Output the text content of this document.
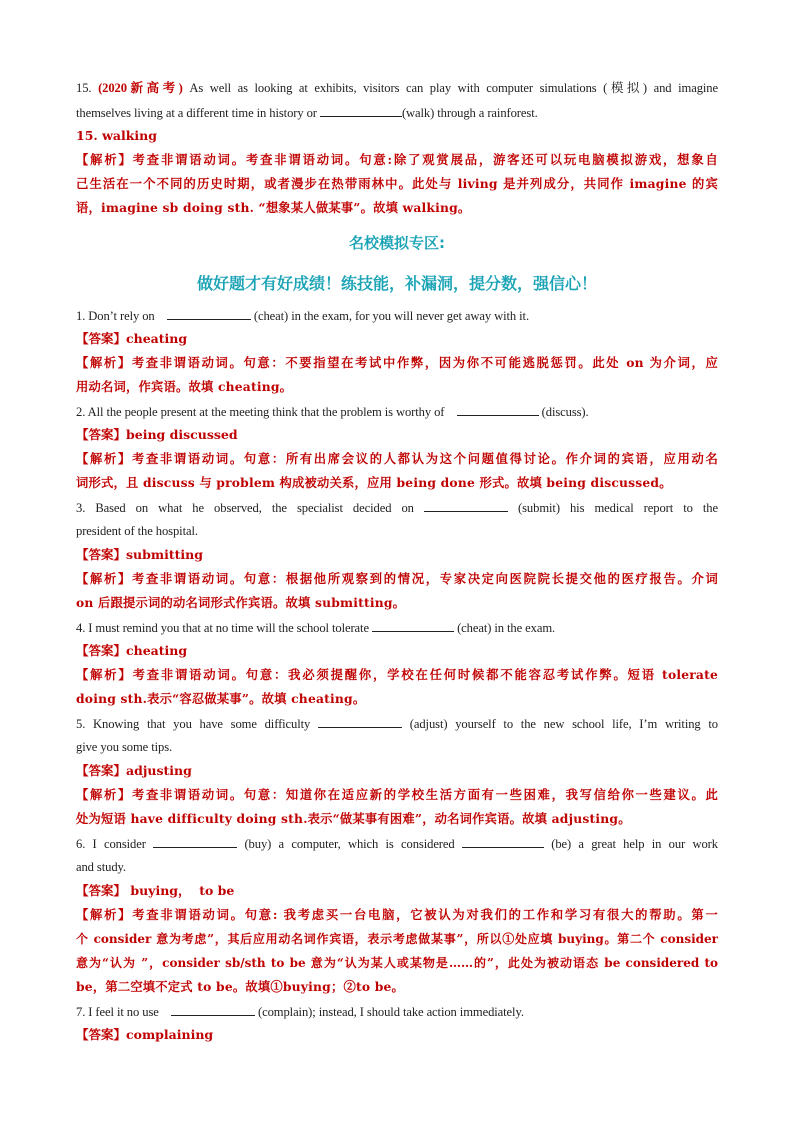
15. (2020新高考) As well as looking at exhibits, visitors can play with computer simulations (模拟) and imagine
themselves living at a different time in history or	(walk) through a rainforest.
15. walking
【解析】考查非谓语动词。考查非谓语动词。句意:除了观赏展品，游客还可以玩电脑模拟游戏，想象自
己生活在一个不同的历史时期，或者漫步在热带雨林中。此处与 living 是并列成分，共同作 imagine 的宾
语，imagine sb doing sth. “想象某人做某事”。故填 walking。
名校模拟专区:
做好题才有好成绩！练技能，补漏洞，提分数，强信心！
1. Don’t rely on	(cheat) in the exam, for you will never get away with it.
【答案】cheating
【解析】考查非谓语动词。句意：不要指望在考试中作弊，因为你不可能逃脱惩罚。此处 on 为介词，应
用动名词，作宾语。故填 cheating。
2. All the people present at the meeting think that the problem is worthy of	(discuss).
【答案】being discussed
【解析】考查非谓语动词。句意：所有出席会议的人都认为这个问题值得讨论。作介词的宾语，应用动名
词形式，且 discuss 与 problem 构成被动关系，应用 being done 形式。故填 being discussed。
3. Based on what he observed, the specialist decided on	(submit) his medical report to the
president of the hospital.
【答案】submitting
【解析】考查非谓语动词。句意：根据他所观察到的情况，专家决定向医院院长提交他的医疗报告。介词
on 后跟提示词的动名词形式作宾语。故填 submitting。
4. I must remind you that at no time will the school tolerate	(cheat) in the exam.
【答案】cheating
【解析】考查非谓语动词。句意：我必须提醒你，学校在任何时候都不能容忍考试作弊。短语 tolerate
doing sth.表示“容忍做某事”。故填 cheating。
5. Knowing that you have some difficulty	(adjust) yourself to the new school life, I’m writing to
give you some tips.
【答案】adjusting
【解析】考查非谓语动词。句意：知道你在适应新的学校生活方面有一些困难，我写信给你一些建议。此
处为短语 have difficulty doing sth.表示“做某事有困难”，动名词作宾语。故填 adjusting。
6. I consider	(buy) a computer, which is considered	(be) a great help in our work
and study.
【答案】 buying，  to be
【解析】考查非谓语动词。句意: 我考虑买一台电脑，它被认为对我们的工作和学习有很大的帮助。第一
个 consider 意为考虑”，其后应用动名词作宾语，表示考虑做某事”，所以①处应填 buying。第二个 consider
意为“认为 ”，consider sb/sth to be 意为“认为某人或某物是……的”，此处为被动语态 be considered to
be，第二空填不定式 to be。故填①buying；②to be。
7. I feel it no use	(complain); instead, I should take action immediately.
【答案】complaining
